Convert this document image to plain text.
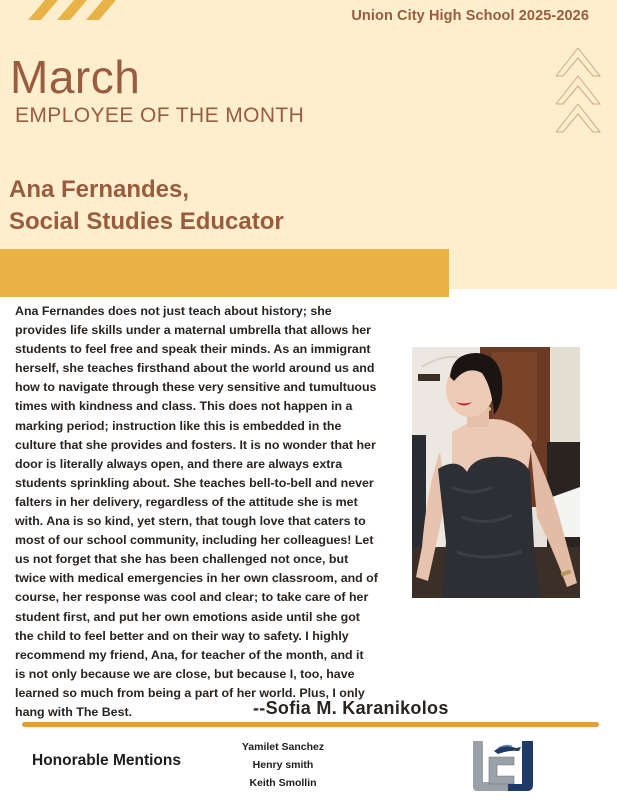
Union City High School 2025-2026
March
EMPLOYEE OF THE MONTH
Ana Fernandes,
Social Studies Educator
Ana Fernandes does not just teach about history; she
provides life skills under a maternal umbrella that allows her
students to feel free and speak their minds. As an immigrant
herself, she teaches firsthand about the world around us and
how to navigate through these very sensitive and tumultuous
times with kindness and class. This does not happen in a
marking period; instruction like this is embedded in the
culture that she provides and fosters. It is no wonder that her
door is literally always open, and there are always extra
students sprinkling about. She teaches bell-to-bell and never
falters in her delivery, regardless of the attitude she is met
with. Ana is so kind, yet stern, that tough love that caters to
most of our school community, including her colleagues! Let
us not forget that she has been challenged not once, but
twice with medical emergencies in her own classroom, and of
course, her response was cool and clear; to take care of her
student first, and put her own emotions aside until she got
the child to feel better and on their way to safety. I highly
recommend my friend, Ana, for teacher of the month, and it
is not only because we are close, but because I, too, have
learned so much from being a part of her world. Plus, I only
hang with The Best.	--Sofia M. Karanikolos
Honorable Mentions
Yamilet Sanchez
Henry smith
Keith Smollin
